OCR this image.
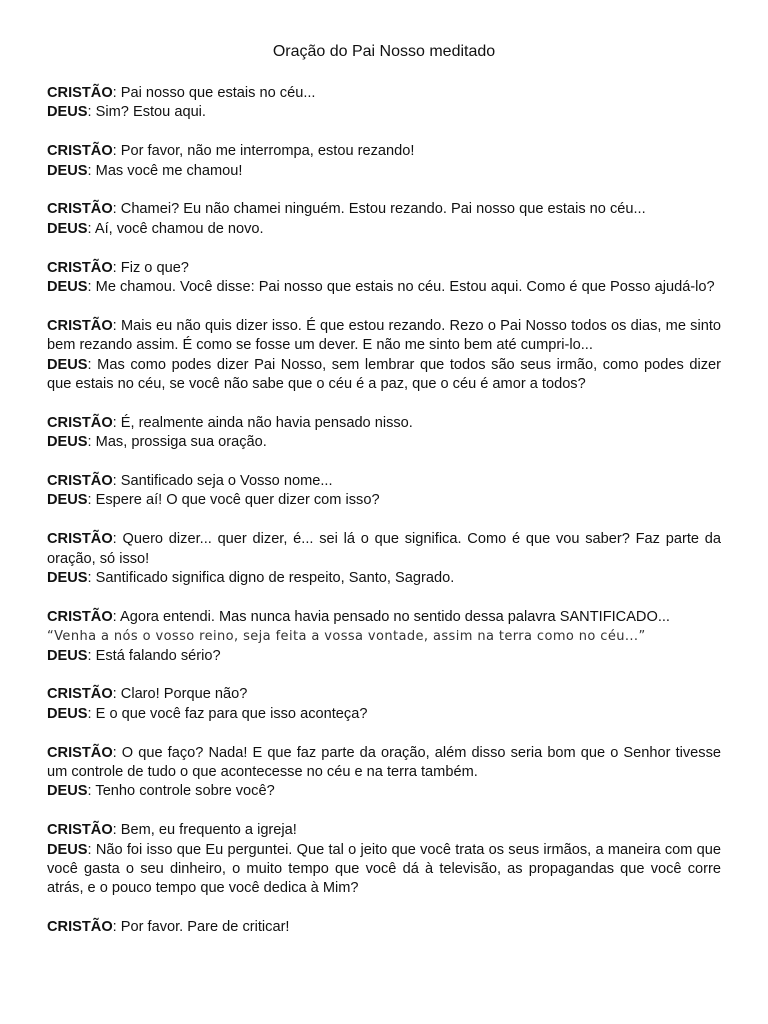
Oração do Pai Nosso meditado

CRISTÃO: Pai nosso que estais no céu...

DEUS: Sim? Estou aqui.

CRISTÃO: Por favor, não me interrompa, estou rezando!

DEUS: Mas você me chamou!

CRISTÃO: Chamei? Eu não chamei ninguém. Estou rezando. Pai nosso que estais no céu...

DEUS: Aí, você chamou de novo.

CRISTÃO: Fiz o que?

DEUS: Me chamou. Você disse: Pai nosso que estais no céu. Estou aqui. Como é que Posso ajudá-lo?

CRISTÃO: Mais eu não quis dizer isso. É que estou rezando. Rezo o Pai Nosso todos os dias, me sinto bem rezando assim. É como se fosse um dever. E não me sinto bem até cumpri-lo...

DEUS: Mas como podes dizer Pai Nosso, sem lembrar que todos são seus irmão, como podes dizer que estais no céu, se você não sabe que o céu é a paz, que o céu é amor a todos?

CRISTÃO: É, realmente ainda não havia pensado nisso.

DEUS: Mas, prossiga sua oração.

CRISTÃO: Santificado seja o Vosso nome...

DEUS: Espere aí! O que você quer dizer com isso?

CRISTÃO: Quero dizer... quer dizer, é... sei lá o que significa. Como é que vou saber? Faz parte da oração, só isso!

DEUS: Santificado significa digno de respeito, Santo, Sagrado.

CRISTÃO: Agora entendi. Mas nunca havia pensado no sentido dessa palavra SANTIFICADO...

“Venha a nós o vosso reino, seja feita a vossa vontade, assim na terra como no céu...”

DEUS: Está falando sério?

CRISTÃO: Claro! Porque não?

DEUS: E o que você faz para que isso aconteça?

CRISTÃO: O que faço? Nada! E que faz parte da oração, além disso seria bom que o Senhor tivesse um controle de tudo o que acontecesse no céu e na terra também.

DEUS: Tenho controle sobre você?

CRISTÃO: Bem, eu frequento a igreja!

DEUS: Não foi isso que Eu perguntei. Que tal o jeito que você trata os seus irmãos, a maneira com que você gasta o seu dinheiro, o muito tempo que você dá à televisão, as propagandas que você corre atrás, e o pouco tempo que você dedica à Mim?

CRISTÃO: Por favor. Pare de criticar!
